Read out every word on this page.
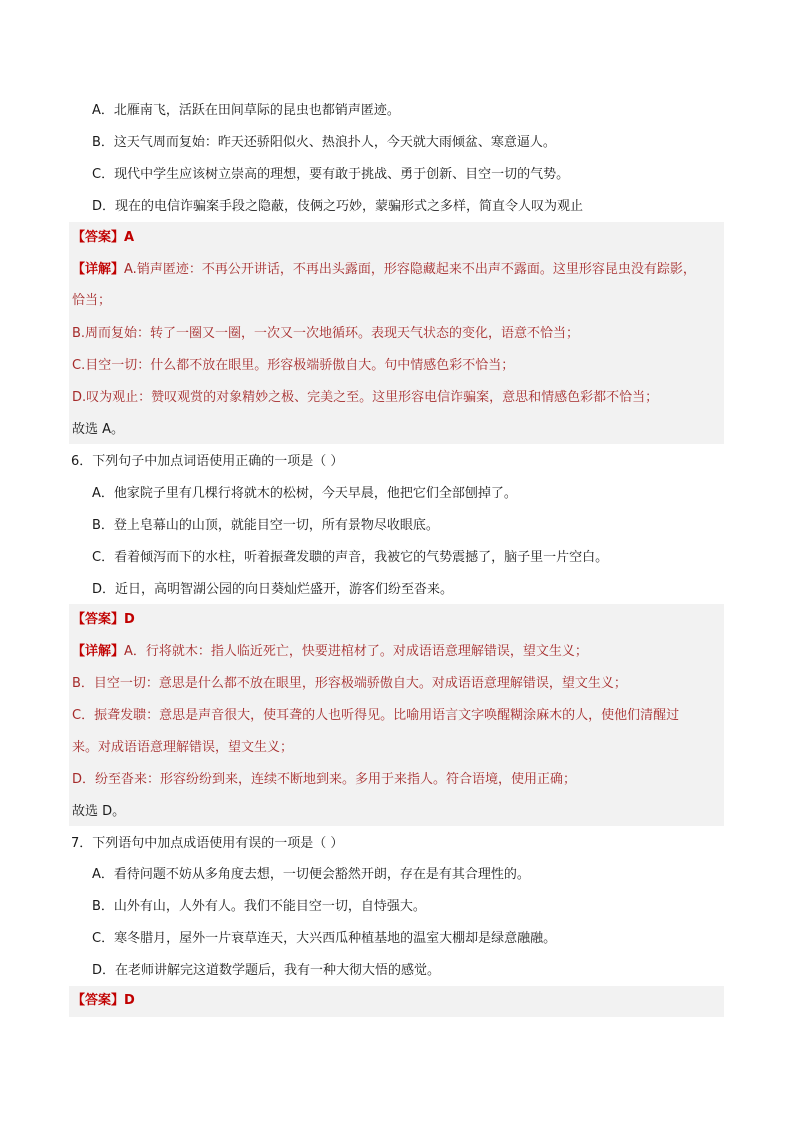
A．北雁南飞，活跃在田间草际的昆虫也都销声匿迹。
B．这天气周而复始：昨天还骄阳似火、热浪扑人，今天就大雨倾盆、寒意逼人。
C．现代中学生应该树立崇高的理想，要有敢于挑战、勇于创新、目空一切的气势。
D．现在的电信诈骗案手段之隐蔽，伎俩之巧妙，蒙骗形式之多样，简直令人叹为观止
【答案】A
【详解】A.销声匿迹：不再公开讲话，不再出头露面，形容隐藏起来不出声不露面。这里形容昆虫没有踪影，
恰当；
B.周而复始：转了一圈又一圈，一次又一次地循环。表现天气状态的变化，语意不恰当；
C.目空一切：什么都不放在眼里。形容极端骄傲自大。句中情感色彩不恰当；
D.叹为观止：赞叹观赏的对象精妙之极、完美之至。这里形容电信诈骗案，意思和情感色彩都不恰当；
故选 A。
6．下列句子中加点词语使用正确的一项是（ ）
A．他家院子里有几棵行将就木的松树，今天早晨，他把它们全部刨掉了。
B．登上皂幕山的山顶，就能目空一切，所有景物尽收眼底。
C．看着倾泻而下的水柱，听着振聋发聩的声音，我被它的气势震撼了，脑子里一片空白。
D．近日，高明智湖公园的向日葵灿烂盛开，游客们纷至沓来。
【答案】D
【详解】A．行将就木：指人临近死亡，快要进棺材了。对成语语意理解错误，望文生义；
B．目空一切：意思是什么都不放在眼里，形容极端骄傲自大。对成语语意理解错误，望文生义；
C．振聋发聩：意思是声音很大，使耳聋的人也听得见。比喻用语言文字唤醒糊涂麻木的人，使他们清醒过
来。对成语语意理解错误，望文生义；
D．纷至沓来：形容纷纷到来，连续不断地到来。多用于来指人。符合语境，使用正确；
故选 D。
7．下列语句中加点成语使用有误的一项是（ ）
A．看待问题不妨从多角度去想，一切便会豁然开朗，存在是有其合理性的。
B．山外有山，人外有人。我们不能目空一切，自恃强大。
C．寒冬腊月，屋外一片衰草连天，大兴西瓜种植基地的温室大棚却是绿意融融。
D．在老师讲解完这道数学题后，我有一种大彻大悟的感觉。
【答案】D
